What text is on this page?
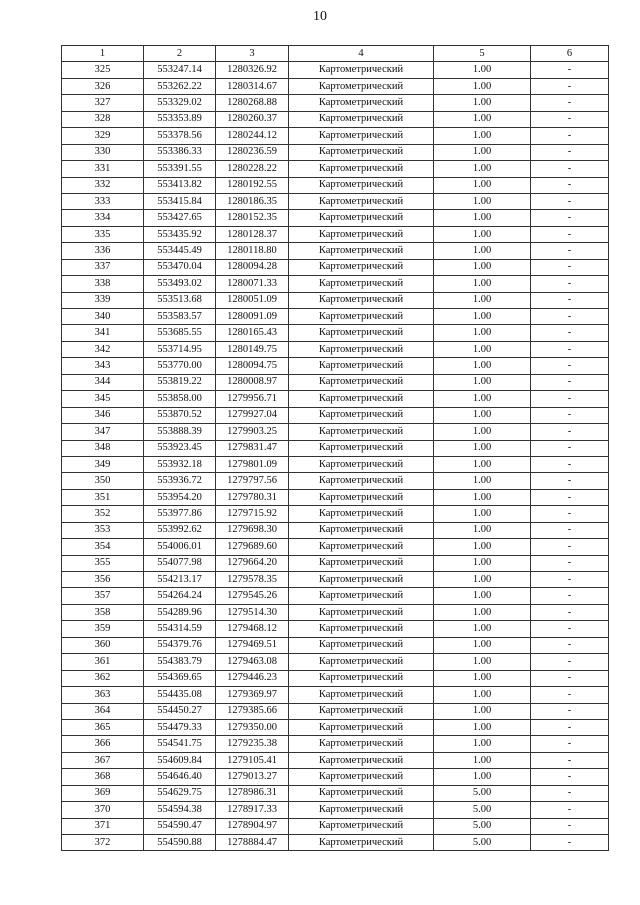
10
1	2	3	4	5	6
325	553247.14	1280326.92	Картометрический	1.00	-
326	553262.22	1280314.67	Картометрический	1.00	-
327	553329.02	1280268.88	Картометрический	1.00	-
328	553353.89	1280260.37	Картометрический	1.00	-
329	553378.56	1280244.12	Картометрический	1.00	-
330	553386.33	1280236.59	Картометрический	1.00	-
331	553391.55	1280228.22	Картометрический	1.00	-
332	553413.82	1280192.55	Картометрический	1.00	-
333	553415.84	1280186.35	Картометрический	1.00	-
334	553427.65	1280152.35	Картометрический	1.00	-
335	553435.92	1280128.37	Картометрический	1.00	-
336	553445.49	1280118.80	Картометрический	1.00	-
337	553470.04	1280094.28	Картометрический	1.00	-
338	553493.02	1280071.33	Картометрический	1.00	-
339	553513.68	1280051.09	Картометрический	1.00	-
340	553583.57	1280091.09	Картометрический	1.00	-
341	553685.55	1280165.43	Картометрический	1.00	-
342	553714.95	1280149.75	Картометрический	1.00	-
343	553770.00	1280094.75	Картометрический	1.00	-
344	553819.22	1280008.97	Картометрический	1.00	-
345	553858.00	1279956.71	Картометрический	1.00	-
346	553870.52	1279927.04	Картометрический	1.00	-
347	553888.39	1279903.25	Картометрический	1.00	-
348	553923.45	1279831.47	Картометрический	1.00	-
349	553932.18	1279801.09	Картометрический	1.00	-
350	553936.72	1279797.56	Картометрический	1.00	-
351	553954.20	1279780.31	Картометрический	1.00	-
352	553977.86	1279715.92	Картометрический	1.00	-
353	553992.62	1279698.30	Картометрический	1.00	-
354	554006.01	1279689.60	Картометрический	1.00	-
355	554077.98	1279664.20	Картометрический	1.00	-
356	554213.17	1279578.35	Картометрический	1.00	-
357	554264.24	1279545.26	Картометрический	1.00	-
358	554289.96	1279514.30	Картометрический	1.00	-
359	554314.59	1279468.12	Картометрический	1.00	-
360	554379.76	1279469.51	Картометрический	1.00	-
361	554383.79	1279463.08	Картометрический	1.00	-
362	554369.65	1279446.23	Картометрический	1.00	-
363	554435.08	1279369.97	Картометрический	1.00	-
364	554450.27	1279385.66	Картометрический	1.00	-
365	554479.33	1279350.00	Картометрический	1.00	-
366	554541.75	1279235.38	Картометрический	1.00	-
367	554609.84	1279105.41	Картометрический	1.00	-
368	554646.40	1279013.27	Картометрический	1.00	-
369	554629.75	1278986.31	Картометрический	5.00	-
370	554594.38	1278917.33	Картометрический	5.00	-
371	554590.47	1278904.97	Картометрический	5.00	-
372	554590.88	1278884.47	Картометрический	5.00	-
